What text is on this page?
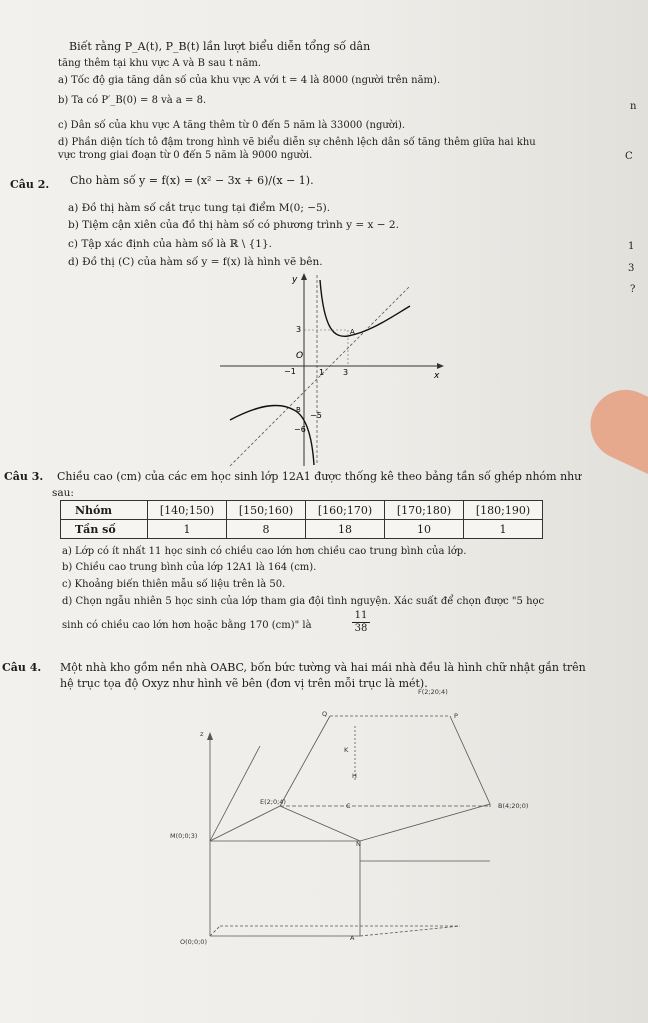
Biết rằng P_A(t), P_B(t) lần lượt biểu diễn tổng số dân
tăng thêm tại khu vực A và B sau t năm.
a) Tốc độ gia tăng dân số của khu vực A với t = 4 là 8000 (người trên năm).
b) Ta có P′_B(0) = 8 và a = 8.
c) Dân số của khu vực A tăng thêm từ 0 đến 5 năm là 33000 (người).
d) Phần diện tích tô đậm trong hình vẽ biểu diễn sự chênh lệch dân số tăng thêm giữa hai khu
vực trong giai đoạn từ 0 đến 5 năm là 9000 người.
Câu 2. Cho hàm số y = f(x) = (x² − 3x + 6)/(x − 1).
a) Đồ thị hàm số cắt trục tung tại điểm M(0; −5).
b) Tiệm cận xiên của đồ thị hàm số có phương trình y = x − 2.
c) Tập xác định của hàm số là ℝ \ {1}.
d) Đồ thị (C) của hàm số y = f(x) là hình vẽ bên.
y
x
O
−1	1 3
3
−5
−6
A
B
Câu 3. Chiều cao (cm) của các em học sinh lớp 12A1 được thống kê theo bảng tần số ghép nhóm như
sau:
Nhóm	[140;150)	[150;160)	[160;170)	[170;180)	[180;190)
Tần số	1	8	18	10	1
a) Lớp có ít nhất 11 học sinh có chiều cao lớn hơn chiều cao trung bình của lớp.
b) Chiều cao trung bình của lớp 12A1 là 164 (cm).
c) Khoảng biến thiên mẫu số liệu trên là 50.
d) Chọn ngẫu nhiên 5 học sinh của lớp tham gia đội tình nguyện. Xác suất để chọn được "5 học
sinh có chiều cao lớn hơn hoặc bằng 170 (cm)" là	$\frac{11}{38}$
Câu 4. Một nhà kho gồm nền nhà OABC, bốn bức tường và hai mái nhà đều là hình chữ nhật gắn trên
hệ trục tọa độ Oxyz như hình vẽ bên (đơn vị trên mỗi trục là mét).
F(2;20;4)
Q	P
z
K
H
E(2;0;4)	C	B(4;20;0)
M(0;0;3)
N
O(0;0;0)	A
n
C
1
3
?
